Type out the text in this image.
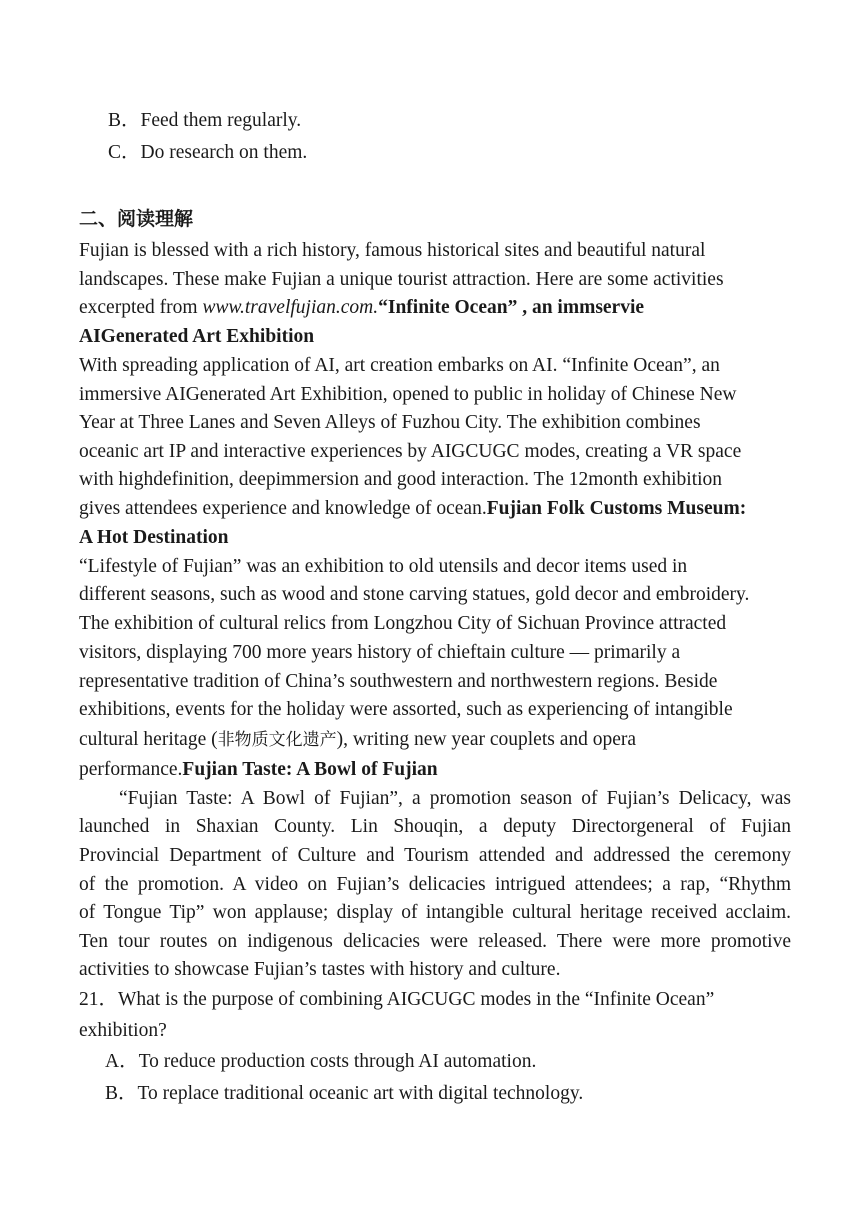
B．Feed them regularly.
C．Do research on them.
二、阅读理解
Fujian is blessed with a rich history, famous historical sites and beautiful natural
landscapes. These make Fujian a unique tourist attraction. Here are some activities
excerpted from www.travelfujian.com.“Infinite Ocean” , an immservie
AIGenerated Art Exhibition
With spreading application of AI, art creation embarks on AI. “Infinite Ocean”, an
immersive AIGenerated Art Exhibition, opened to public in holiday of Chinese New
Year at Three Lanes and Seven Alleys of Fuzhou City. The exhibition combines
oceanic art IP and interactive experiences by AIGCUGC modes, creating a VR space
with highdefinition, deepimmersion and good interaction. The 12month exhibition
gives attendees experience and knowledge of ocean.Fujian Folk Customs Museum:
A Hot Destination
“Lifestyle of Fujian” was an exhibition to old utensils and decor items used in
different seasons, such as wood and stone carving statues, gold decor and embroidery.
The exhibition of cultural relics from Longzhou City of Sichuan Province attracted
visitors, displaying 700 more years history of chieftain culture — primarily a
representative tradition of China’s southwestern and northwestern regions. Beside
exhibitions, events for the holiday were assorted, such as experiencing of intangible
cultural heritage (非物质文化遗产), writing new year couplets and opera
performance.Fujian Taste: A Bowl of Fujian
“Fujian Taste: A Bowl of Fujian”, a promotion season of Fujian’s Delicacy, was
launched in Shaxian County. Lin Shouqin, a deputy Directorgeneral of Fujian
Provincial Department of Culture and Tourism attended and addressed the ceremony
of the promotion. A video on Fujian’s delicacies intrigued attendees; a rap, “Rhythm
of Tongue Tip” won applause; display of intangible cultural heritage received acclaim.
Ten tour routes on indigenous delicacies were released. There were more promotive
activities to showcase Fujian’s tastes with history and culture.
21．What is the purpose of combining AIGCUGC modes in the “Infinite Ocean”
exhibition?
A．To reduce production costs through AI automation.
B．To replace traditional oceanic art with digital technology.
